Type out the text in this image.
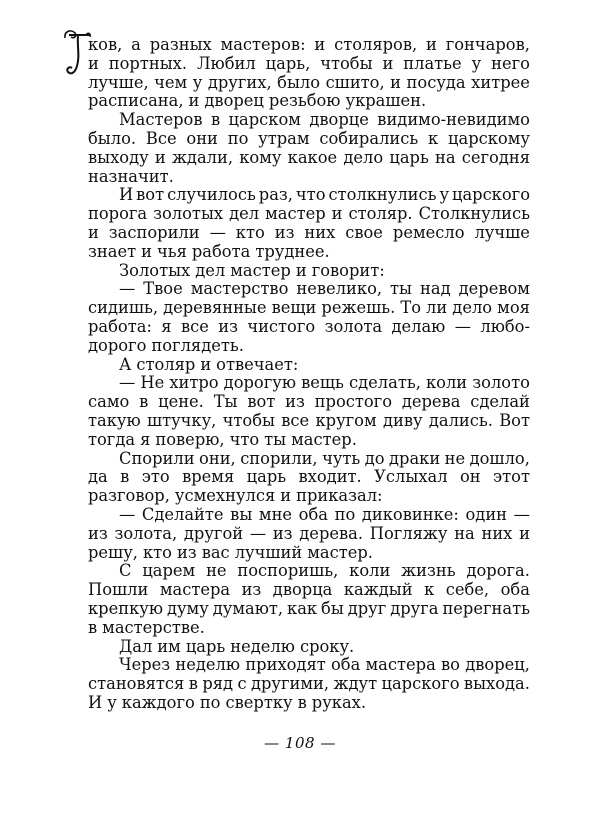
ков, а разных мастеров: и столяров, и гончаров,
и портных. Любил царь, чтобы и платье у него
лучше, чем у других, было сшито, и посуда хитрее
расписана, и дворец резьбою украшен.
Мастеров в царском дворце видимо-невидимо
было. Все они по утрам собирались к царскому
выходу и ждали, кому какое дело царь на сегодня
назначит.
И вот случилось раз, что столкнулись у царского
порога золотых дел мастер и столяр. Столкнулись
и заспорили — кто из них свое ремесло лучше
знает и чья работа труднее.
Золотых дел мастер и говорит:
— Твое мастерство невелико, ты над деревом
сидишь, деревянные вещи режешь. То ли дело моя
работа: я все из чистого золота делаю — любо-
дорого поглядеть.
А столяр и отвечает:
— Не хитро дорогую вещь сделать, коли золото
само в цене. Ты вот из простого дерева сделай
такую штучку, чтобы все кругом диву дались. Вот
тогда я поверю, что ты мастер.
Спорили они, спорили, чуть до драки не дошло,
да в это время царь входит. Услыхал он этот
разговор, усмехнулся и приказал:
— Сделайте вы мне оба по диковинке: один —
из золота, другой — из дерева. Погляжу на них и
решу, кто из вас лучший мастер.
С царем не поспоришь, коли жизнь дорога.
Пошли мастера из дворца каждый к себе, оба
крепкую думу думают, как бы друг друга перегнать
в мастерстве.
Дал им царь неделю сроку.
Через неделю приходят оба мастера во дворец,
становятся в ряд с другими, ждут царского выхода.
И у каждого по свертку в руках.
— 108 —
